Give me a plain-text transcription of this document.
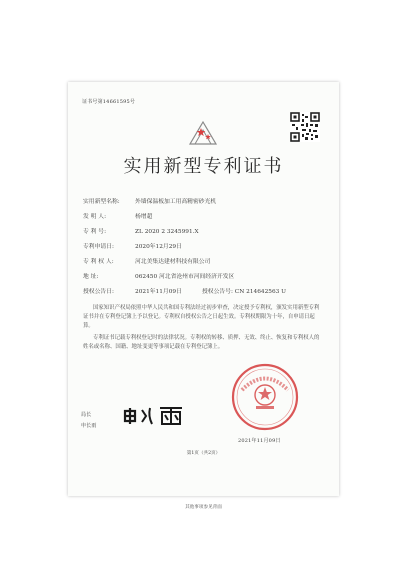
证书号第14661595号
实用新型专利证书
实用新型名称:	外墙保温板加工用高精密砂光机
发 明 人:	杨增超
专 利 号:	ZL 2020 2 3245991.X
专利申请日:	2020年12月29日
专 利 权 人:	河北美集达建材科技有限公司
地 址:	062450 河北省沧州市河间经济开发区
授权公告日:	2021年11月09日	授权公告号: CN 214642563 U
国家知识产权局依照中华人民共和国专利法经过初步审查，决定授予专利权，颁发实用新型专利证书并在专利登记簿上予以登记。专利权自授权公告之日起生效。专利权期限为十年，自申请日起算。
专利证书记载专利权登记时的法律状况。专利权的转移、质押、无效、终止、恢复和专利权人的姓名或名称、国籍、地址变更等事项记载在专利登记簿上。
局长
申长雨
2021年11月09日
第1页（共2页）
其他事项参见背面
